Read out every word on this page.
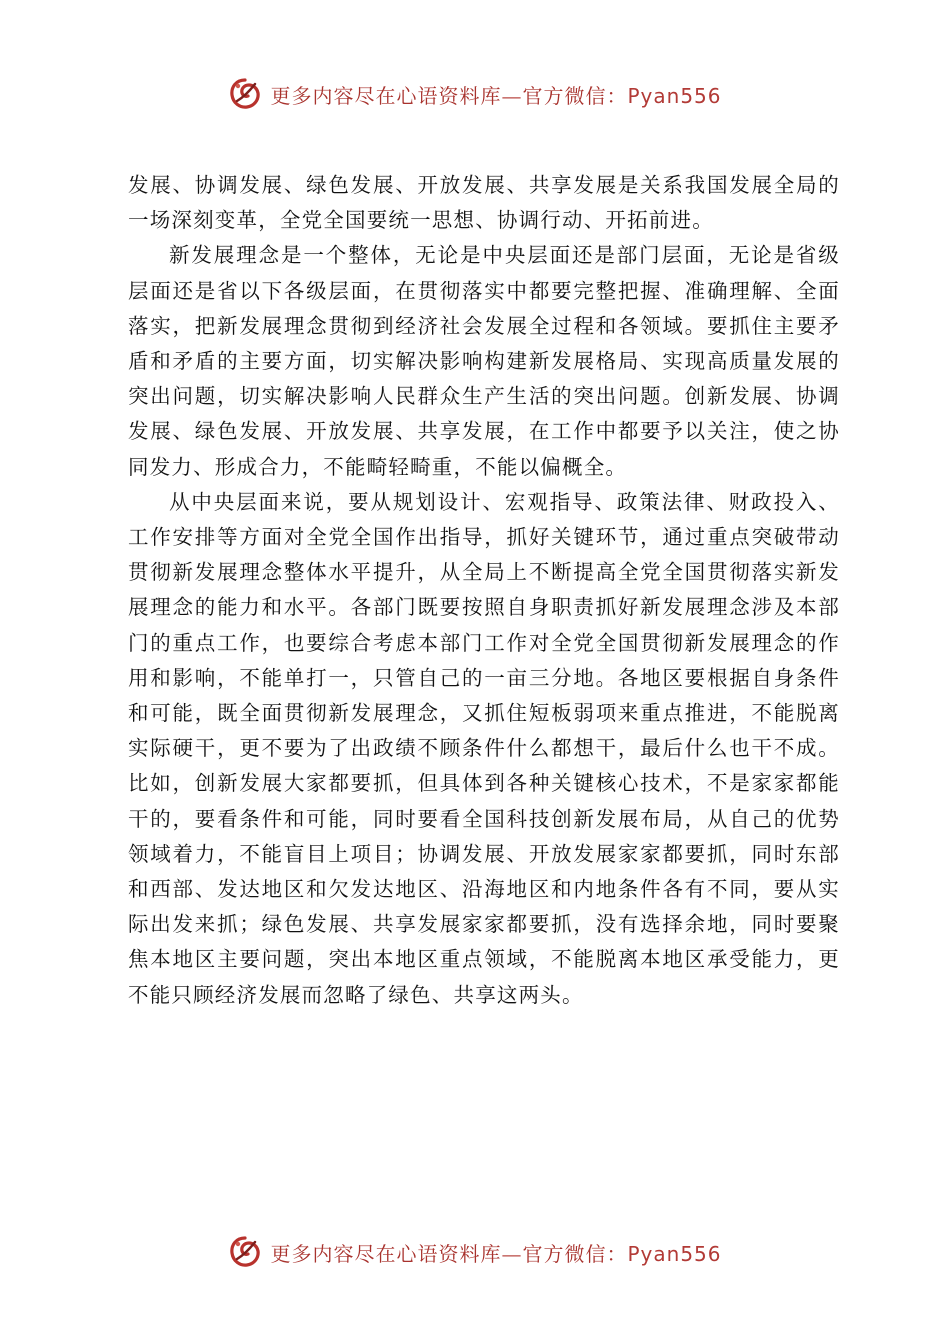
更多内容尽在心语资料库—官方微信：Pyan556

发展、协调发展、绿色发展、开放发展、共享发展是关系我国发展全局的一场深刻变革，全党全国要统一思想、协调行动、开拓前进。

新发展理念是一个整体，无论是中央层面还是部门层面，无论是省级层面还是省以下各级层面，在贯彻落实中都要完整把握、准确理解、全面落实，把新发展理念贯彻到经济社会发展全过程和各领域。要抓住主要矛盾和矛盾的主要方面，切实解决影响构建新发展格局、实现高质量发展的突出问题，切实解决影响人民群众生产生活的突出问题。创新发展、协调发展、绿色发展、开放发展、共享发展，在工作中都要予以关注，使之协同发力、形成合力，不能畸轻畸重，不能以偏概全。

从中央层面来说，要从规划设计、宏观指导、政策法律、财政投入、工作安排等方面对全党全国作出指导，抓好关键环节，通过重点突破带动贯彻新发展理念整体水平提升，从全局上不断提高全党全国贯彻落实新发展理念的能力和水平。各部门既要按照自身职责抓好新发展理念涉及本部门的重点工作，也要综合考虑本部门工作对全党全国贯彻新发展理念的作用和影响，不能单打一，只管自己的一亩三分地。各地区要根据自身条件和可能，既全面贯彻新发展理念，又抓住短板弱项来重点推进，不能脱离实际硬干，更不要为了出政绩不顾条件什么都想干，最后什么也干不成。比如，创新发展大家都要抓，但具体到各种关键核心技术，不是家家都能干的，要看条件和可能，同时要看全国科技创新发展布局，从自己的优势领域着力，不能盲目上项目；协调发展、开放发展家家都要抓，同时东部和西部、发达地区和欠发达地区、沿海地区和内地条件各有不同，要从实际出发来抓；绿色发展、共享发展家家都要抓，没有选择余地，同时要聚焦本地区主要问题，突出本地区重点领域，不能脱离本地区承受能力，更不能只顾经济发展而忽略了绿色、共享这两头。

更多内容尽在心语资料库—官方微信：Pyan556
